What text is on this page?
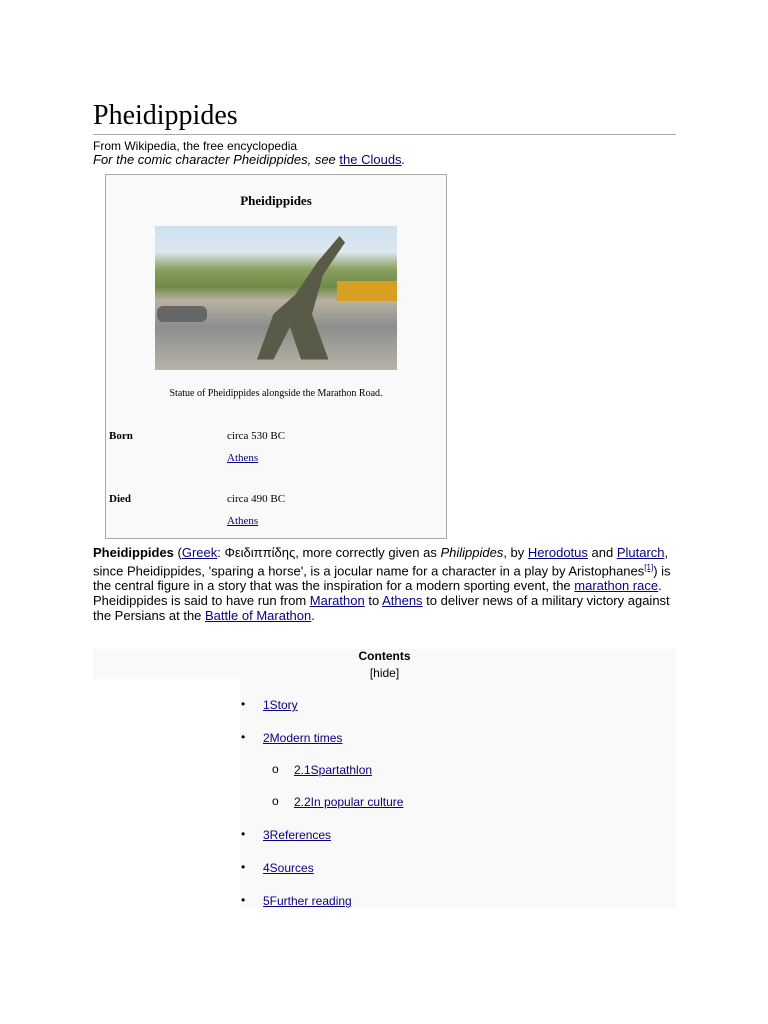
Pheidippides
From Wikipedia, the free encyclopedia
For the comic character Pheidippides, see the Clouds.
Pheidippides
Statue of Pheidippides alongside the Marathon Road.
Born	circa 530 BC
Athens
Died	circa 490 BC
Athens
Pheidippides (Greek: Φειδιππίδης, more correctly given as Philippides, by Herodotus and Plutarch, since Pheidippides, 'sparing a horse', is a jocular name for a character in a play by Aristophanes[1]) is the central figure in a story that was the inspiration for a modern sporting event, the marathon race. Pheidippides is said to have run from Marathon to Athens to deliver news of a military victory against the Persians at the Battle of Marathon.
Contents
[hide]
• 1Story
• 2Modern times
o 2.1Spartathlon
o 2.2In popular culture
• 3References
• 4Sources
• 5Further reading
